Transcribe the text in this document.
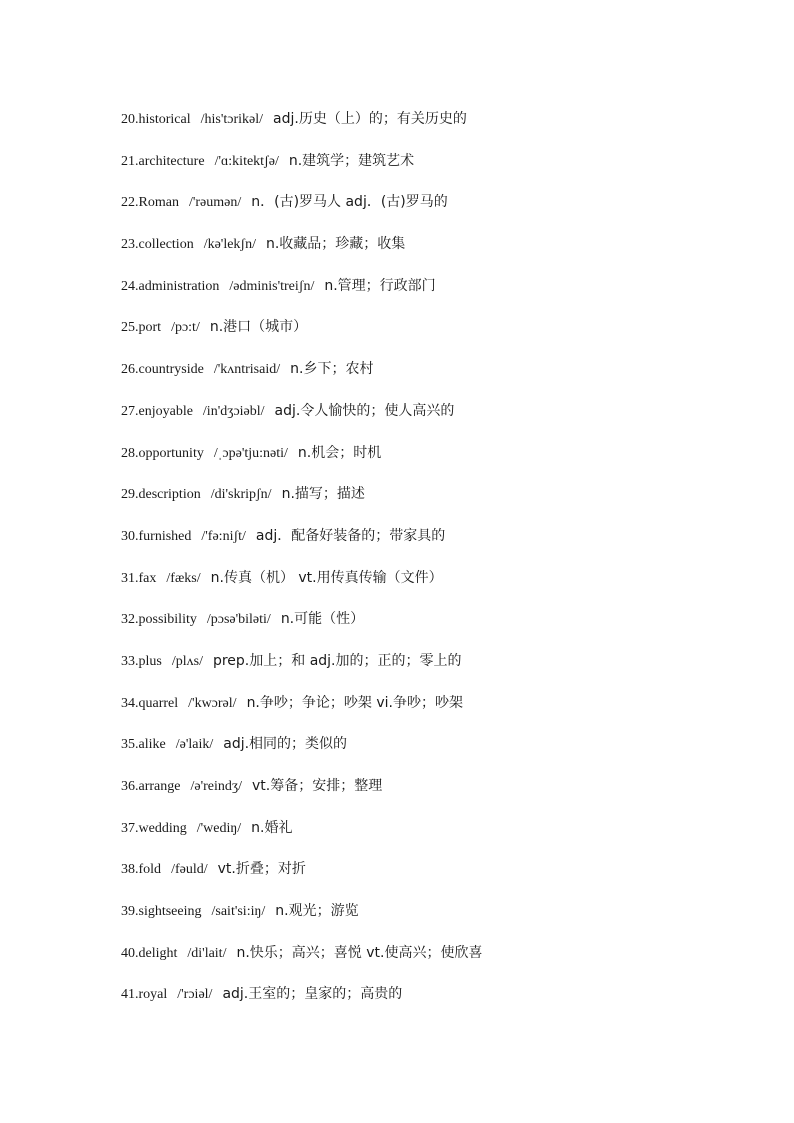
20.historical /his'tɔrikəl/ adj.历史（上）的；有关历史的
21.architecture /'ɑ:kitektʃə/ n.建筑学；建筑艺术
22.Roman /'rəumən/ n．(古)罗马人 adj．(古)罗马的
23.collection /kə'lekʃn/ n.收藏品；珍藏；收集
24.administration /ədminis'treiʃn/ n.管理；行政部门
25.port /pɔ:t/ n.港口（城市）
26.countryside /'kʌntrisaid/ n.乡下；农村
27.enjoyable /in'dʒɔiəbl/ adj.令人愉快的；使人高兴的
28.opportunity /ˌɔpə'tju:nəti/ n.机会；时机
29.description /di'skripʃn/ n.描写；描述
30.furnished /'fə:niʃt/ adj．配备好装备的；带家具的
31.fax /fæks/ n.传真（机） vt.用传真传输（文件）
32.possibility /pɔsə'biləti/ n.可能（性）
33.plus /plʌs/ prep.加上；和 adj.加的；正的；零上的
34.quarrel /'kwɔrəl/ n.争吵；争论；吵架 vi.争吵；吵架
35.alike /ə'laik/ adj.相同的；类似的
36.arrange /ə'reindʒ/ vt.筹备；安排；整理
37.wedding /'wediŋ/ n.婚礼
38.fold /fəuld/ vt.折叠；对折
39.sightseeing /sait'si:iŋ/ n.观光；游览
40.delight /di'lait/ n.快乐；高兴；喜悦 vt.使高兴；使欣喜
41.royal /'rɔiəl/ adj.王室的；皇家的；高贵的
